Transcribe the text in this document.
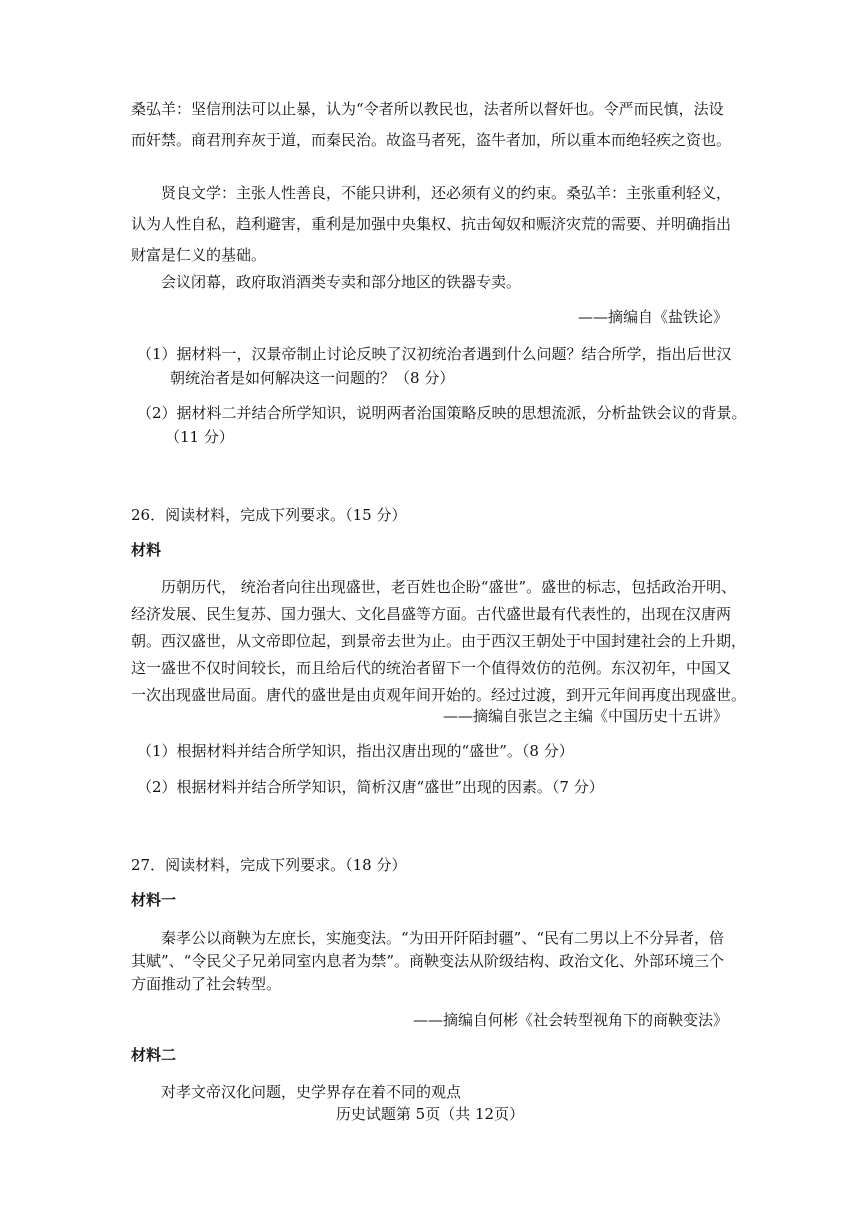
桑弘羊：坚信刑法可以止暴，认为“令者所以教民也，法者所以督奸也。令严而民慎，法设
而奸禁。商君刑弃灰于道，而秦民治。故盗马者死，盗牛者加，所以重本而绝轻疾之资也。
贤良文学：主张人性善良，不能只讲利，还必须有义的约束。桑弘羊：主张重利轻义，
认为人性自私，趋利避害，重利是加强中央集权、抗击匈奴和赈济灾荒的需要、并明确指出
财富是仁义的基础。
会议闭幕，政府取消酒类专卖和部分地区的铁器专卖。
——摘编自《盐铁论》
（1）据材料一，汉景帝制止讨论反映了汉初统治者遇到什么问题？结合所学，指出后世汉
朝统治者是如何解决这一问题的？（8 分）
（2）据材料二并结合所学知识，说明两者治国策略反映的思想流派，分析盐铁会议的背景。
（11 分）
26．阅读材料，完成下列要求。（15 分）
材料
历朝历代， 统治者向往出现盛世，老百姓也企盼“盛世”。盛世的标志，包括政治开明、
经济发展、民生复苏、国力强大、文化昌盛等方面。古代盛世最有代表性的，出现在汉唐两
朝。西汉盛世，从文帝即位起，到景帝去世为止。由于西汉王朝处于中国封建社会的上升期，
这一盛世不仅时间较长，而且给后代的统治者留下一个值得效仿的范例。东汉初年，中国又
一次出现盛世局面。唐代的盛世是由贞观年间开始的。经过过渡，到开元年间再度出现盛世。
——摘编自张岂之主编《中国历史十五讲》
（1）根据材料并结合所学知识，指出汉唐出现的“盛世”。（8 分）
（2）根据材料并结合所学知识，简析汉唐“盛世”出现的因素。（7 分）
27．阅读材料，完成下列要求。（18 分）
材料一
秦孝公以商鞅为左庶长，实施变法。“为田开阡陌封疆”、“民有二男以上不分异者，倍
其赋”、“令民父子兄弟同室内息者为禁”。商鞅变法从阶级结构、政治文化、外部环境三个
方面推动了社会转型。
——摘编自何彬《社会转型视角下的商鞅变法》
材料二
对孝文帝汉化问题，史学界存在着不同的观点
历史试题第 5页（共 12页）
